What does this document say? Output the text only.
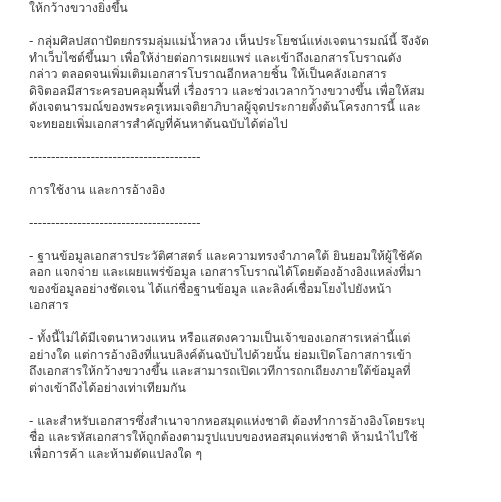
ให้กว้างขวางยิ่งขึ้น
- กลุ่มศิลปสถาปัตยกรรมลุ่มแม่น้ำหลวง เห็นประโยชน์แห่งเจตนารมณ์นี้ จึงจัด
ทำเว็บไซต์ขึ้นมา เพื่อให้ง่ายต่อการเผยแพร่ และเข้าถึงเอกสารโบราณดัง
กล่าว ตลอดจนเพิ่มเติมเอกสารโบราณอีกหลายชิ้น ให้เป็นคลังเอกสาร
ดิจิตอลมีสาระครอบคลุมพื้นที่ เรื่องราว และช่วงเวลากว้างขวางขึ้น เพื่อให้สม
ดังเจตนารมณ์ของพระครูเหมเจติยาภิบาลผู้จุดประกายตั้งต้นโครงการนี้ และ
จะทยอยเพิ่มเอกสารสำคัญที่ค้นหาต้นฉบับได้ต่อไป
---------------------------------------
การใช้งาน และการอ้างอิง
---------------------------------------
- ฐานข้อมูลเอกสารประวัติศาสตร์ และความทรงจำภาคใต้ ยินยอมให้ผู้ใช้คัด
ลอก แจกจ่าย และเผยแพร่ข้อมูล เอกสารโบราณได้โดยต้องอ้างอิงแหล่งที่มา
ของข้อมูลอย่างชัดเจน ได้แก่ชื่อฐานข้อมูล และลิงค์เชื่อมโยงไปยังหน้า
เอกสาร
- ทั้งนี้ไม่ได้มีเจตนาหวงแหน หรือแสดงความเป็นเจ้าของเอกสารเหล่านี้แต่
อย่างใด แต่การอ้างอิงที่แนบลิงค์ต้นฉบับไปด้วยนั้น ย่อมเปิดโอกาสการเข้า
ถึงเอกสารให้กว้างขวางขึ้น และสามารถเปิดเวทีการถกเถียงภายใต้ข้อมูลที่
ต่างเข้าถึงได้อย่างเท่าเทียมกัน
- และสำหรับเอกสารซึ่งสำเนาจากหอสมุดแห่งชาติ ต้องทำการอ้างอิงโดยระบุ
ชื่อ และรหัสเอกสารให้ถูกต้องตามรูปแบบของหอสมุดแห่งชาติ ห้ามนำไปใช้
เพื่อการค้า และห้ามตัดแปลงใด ๆ
